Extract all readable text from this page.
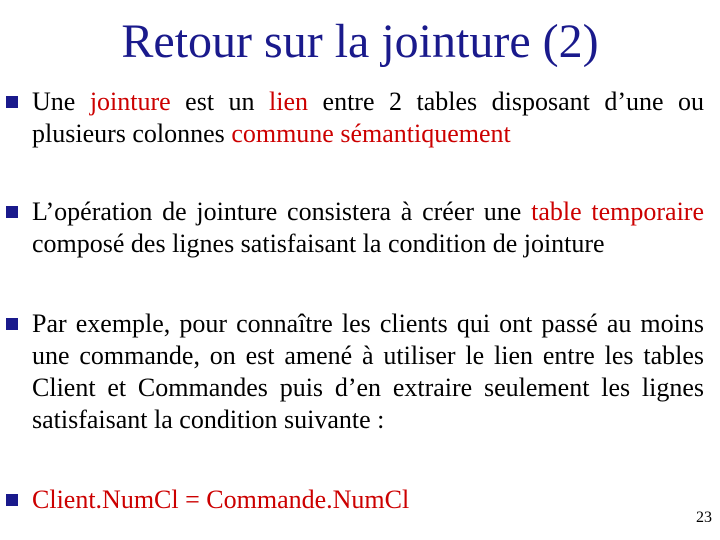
Retour sur la jointure (2)

Une jointure est un lien entre 2 tables disposant d’une ou plusieurs colonnes commune sémantiquement

L’opération de jointure consistera à créer une table temporaire composé des lignes satisfaisant la condition de jointure

Par exemple, pour connaître les clients qui ont passé au moins une commande, on est amené à utiliser le lien entre les tables Client et Commandes puis d’en extraire seulement les lignes satisfaisant la condition suivante :

Client.NumCl = Commande.NumCl

23
